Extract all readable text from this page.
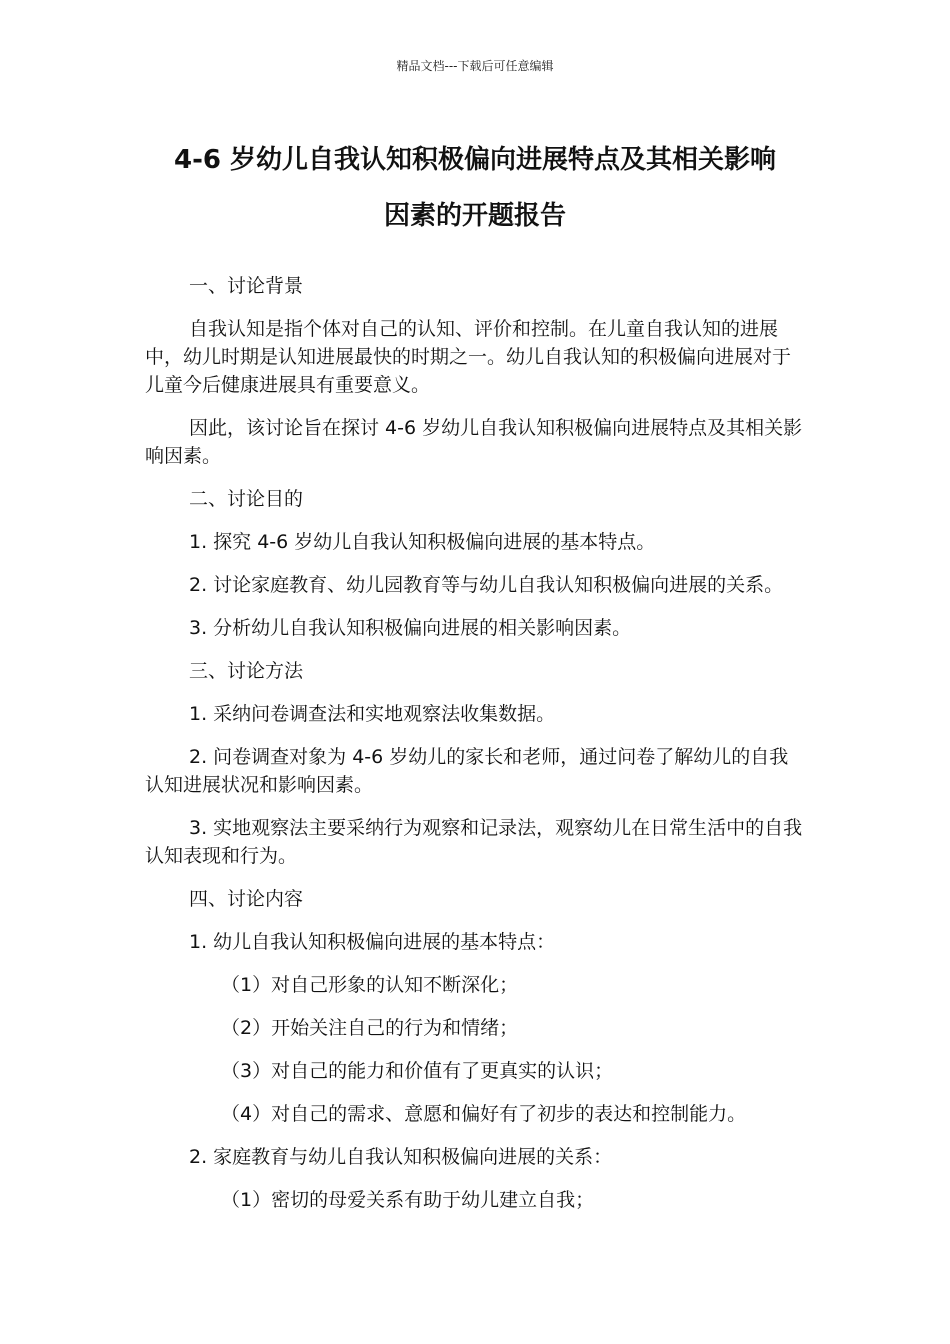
精品文档---下载后可任意编辑
4-6 岁幼儿自我认知积极偏向进展特点及其相关影响
因素的开题报告

一、讨论背景

自我认知是指个体对自己的认知、评价和控制。在儿童自我认知的进展中，幼儿时期是认知进展最快的时期之一。幼儿自我认知的积极偏向进展对于儿童今后健康进展具有重要意义。

因此，该讨论旨在探讨 4-6 岁幼儿自我认知积极偏向进展特点及其相关影响因素。

二、讨论目的

1. 探究 4-6 岁幼儿自我认知积极偏向进展的基本特点。

2. 讨论家庭教育、幼儿园教育等与幼儿自我认知积极偏向进展的关系。

3. 分析幼儿自我认知积极偏向进展的相关影响因素。

三、讨论方法

1. 采纳问卷调查法和实地观察法收集数据。

2. 问卷调查对象为 4-6 岁幼儿的家长和老师，通过问卷了解幼儿的自我认知进展状况和影响因素。

3. 实地观察法主要采纳行为观察和记录法，观察幼儿在日常生活中的自我认知表现和行为。

四、讨论内容

1. 幼儿自我认知积极偏向进展的基本特点：

（1）对自己形象的认知不断深化；

（2）开始关注自己的行为和情绪；

（3）对自己的能力和价值有了更真实的认识；

（4）对自己的需求、意愿和偏好有了初步的表达和控制能力。

2. 家庭教育与幼儿自我认知积极偏向进展的关系：

（1）密切的母爱关系有助于幼儿建立自我；
